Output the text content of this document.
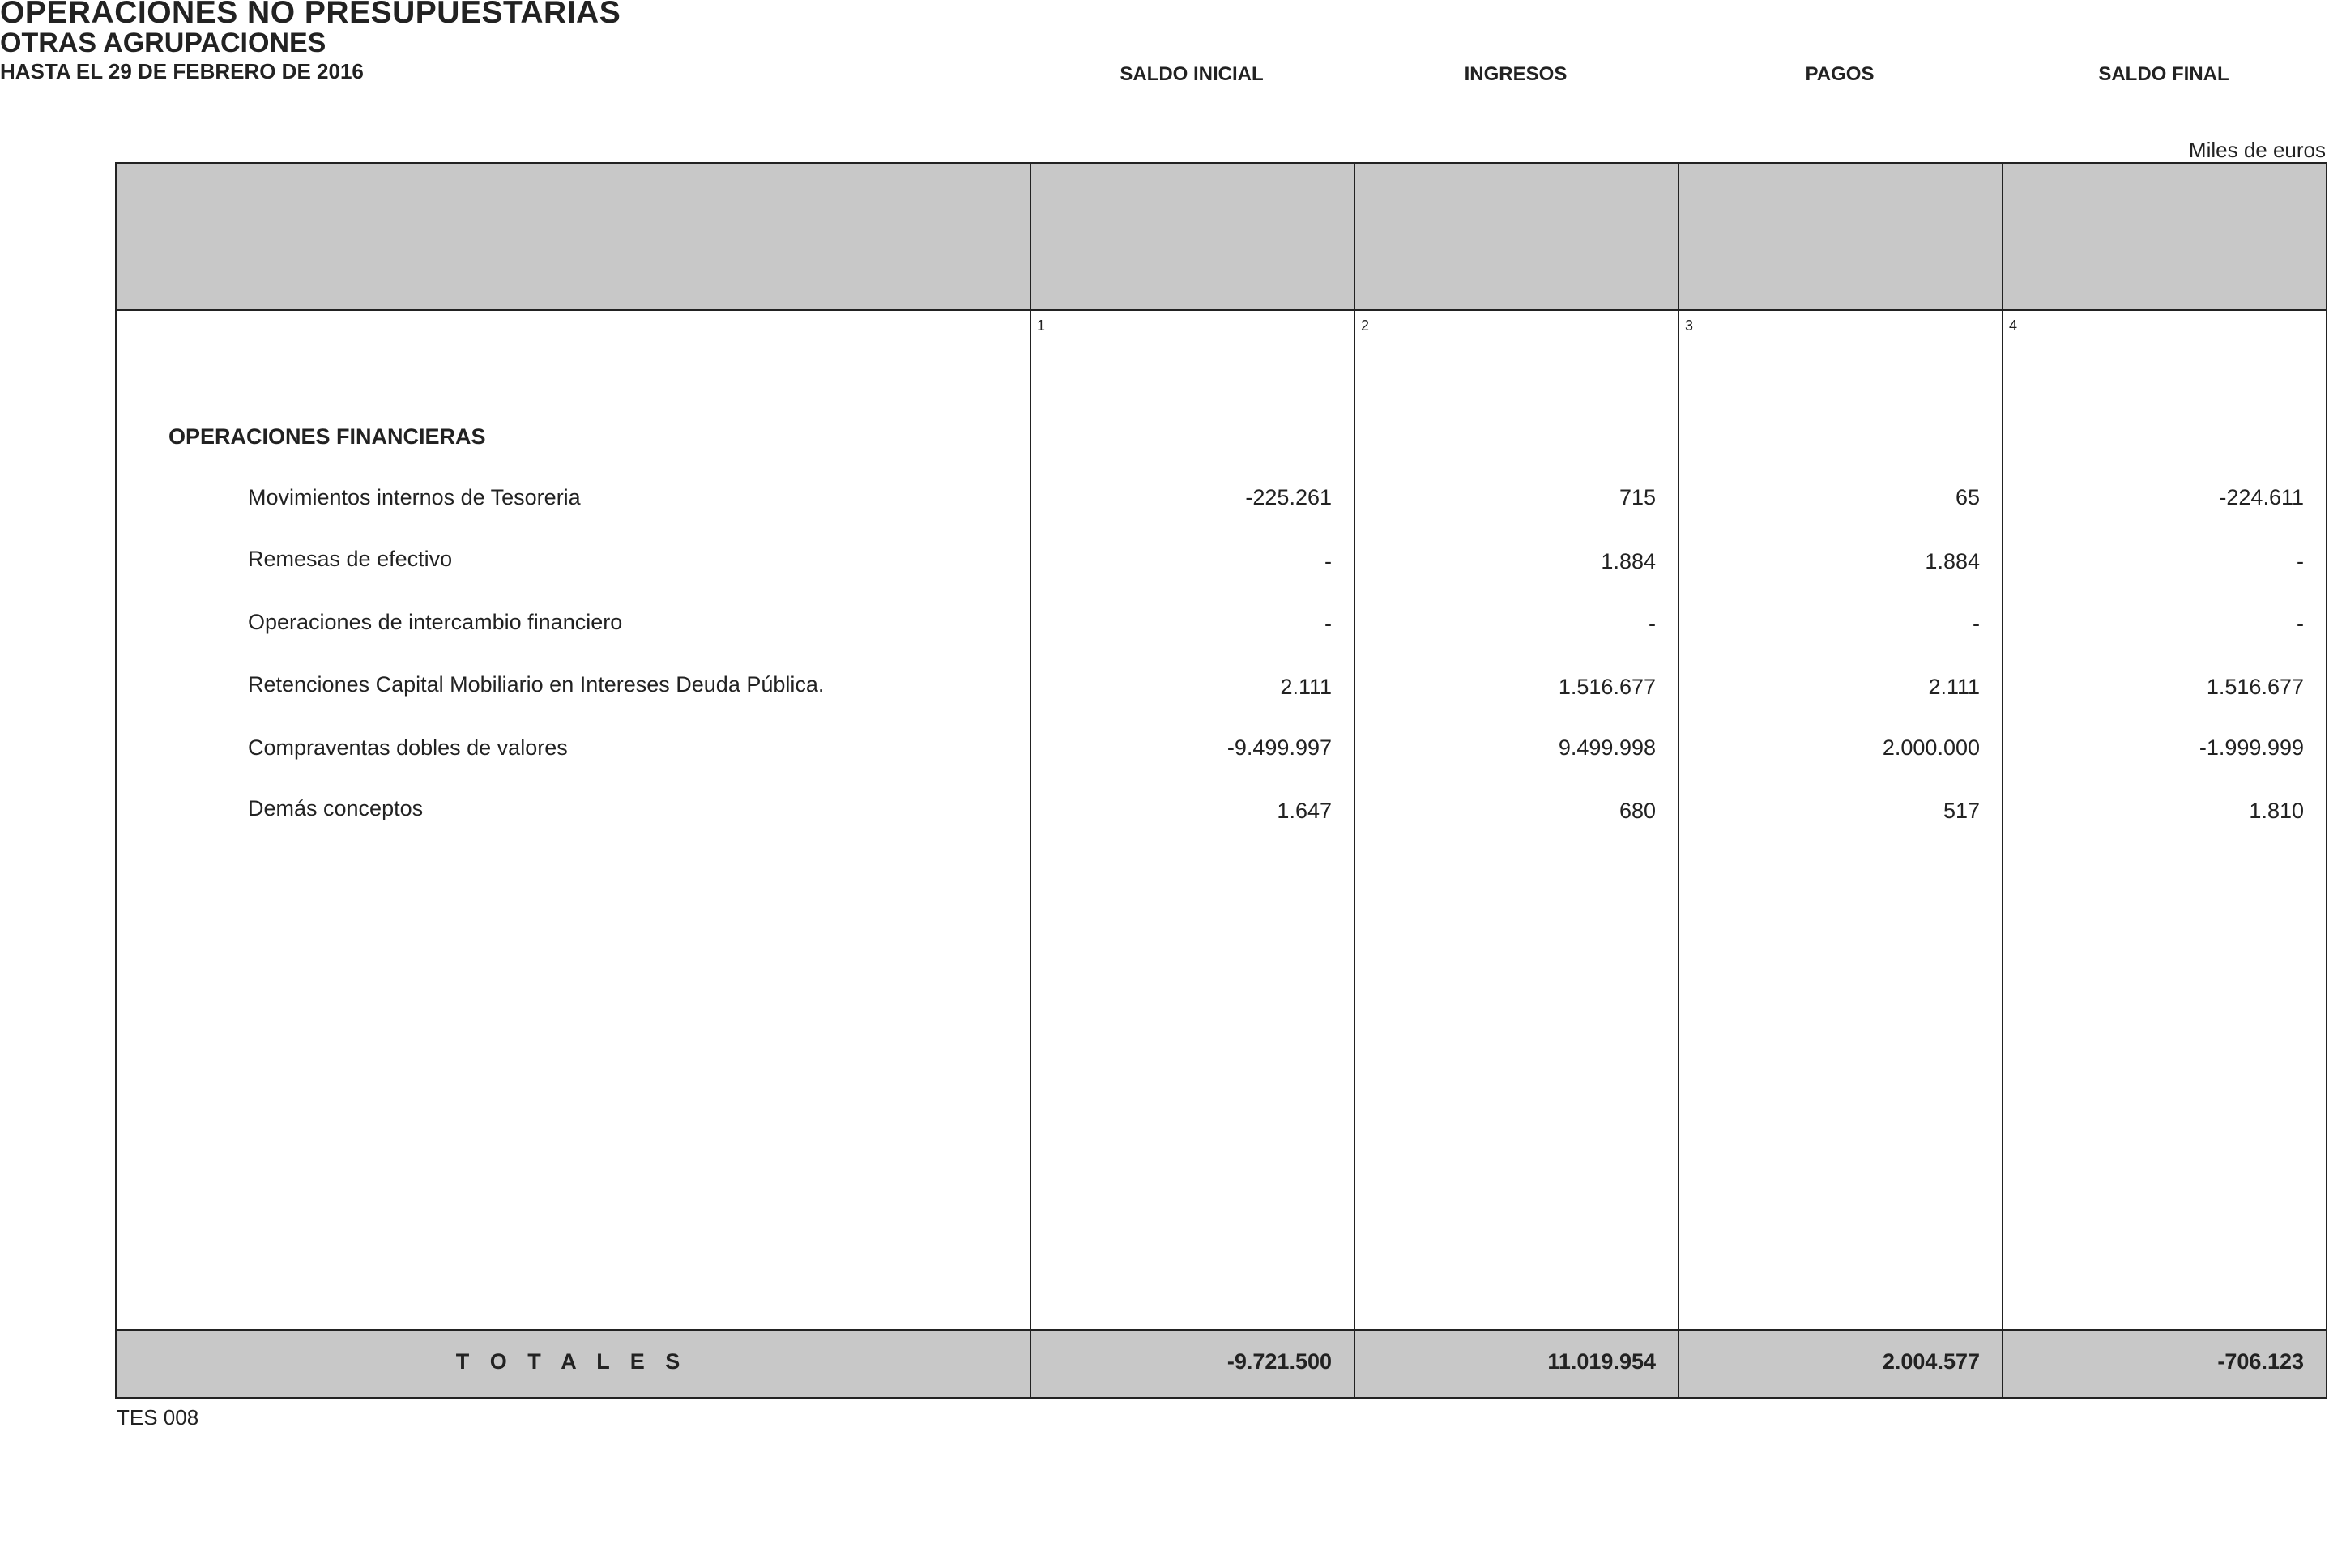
OPERACIONES NO PRESUPUESTARIAS
OTRAS AGRUPACIONES
HASTA EL 29 DE FEBRERO DE 2016
Miles de euros
SALDO INICIAL	INGRESOS	PAGOS	SALDO FINAL
1	2	3	4
OPERACIONES FINANCIERAS
Movimientos internos de Tesoreria	-225.261	715	65	-224.611
Remesas de efectivo	-	1.884	1.884	-
Operaciones de intercambio financiero	-	-	-	-
Retenciones Capital Mobiliario en Intereses Deuda Pública.	2.111	1.516.677	2.111	1.516.677
Compraventas dobles de valores	-9.499.997	9.499.998	2.000.000	-1.999.999
Demás conceptos	1.647	680	517	1.810
T O T A L E S	-9.721.500	11.019.954	2.004.577	-706.123
TES 008
